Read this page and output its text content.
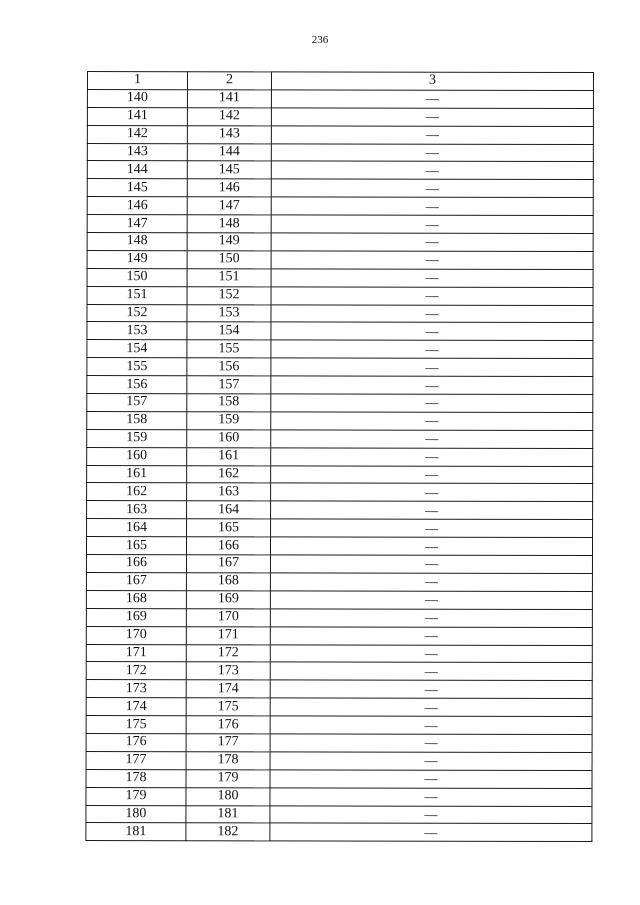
236
1	2	3
140	141	—
141	142	—
142	143	—
143	144	—
144	145	—
145	146	—
146	147	—
147	148	—
148	149	—
149	150	—
150	151	—
151	152	—
152	153	—
153	154	—
154	155	—
155	156	—
156	157	—
157	158	—
158	159	—
159	160	—
160	161	—
161	162	—
162	163	—
163	164	—
164	165	—
165	166	—
166	167	—
167	168	—
168	169	—
169	170	—
170	171	—
171	172	—
172	173	—
173	174	—
174	175	—
175	176	—
176	177	—
177	178	—
178	179	—
179	180	—
180	181	—
181	182	—
